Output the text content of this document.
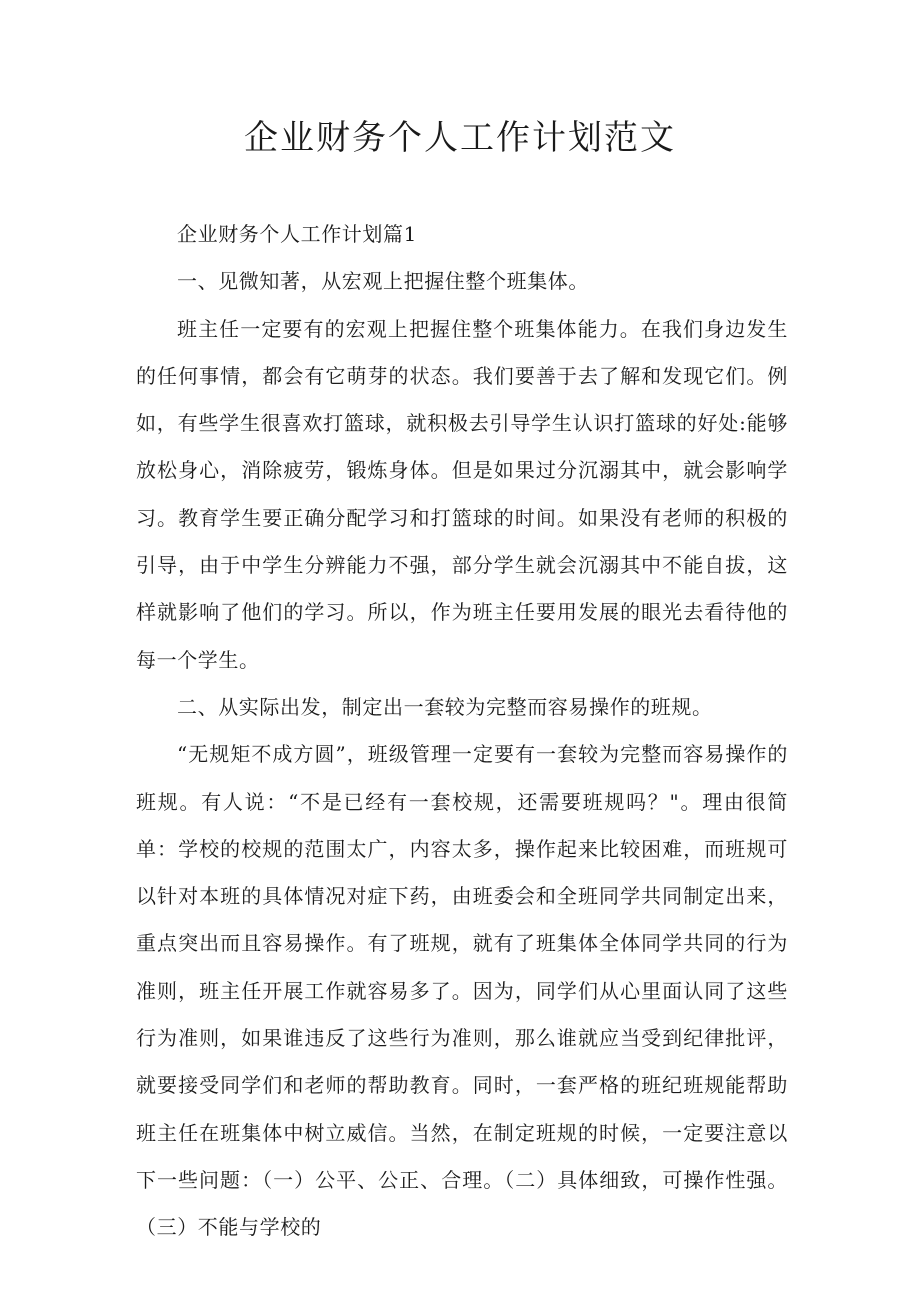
企业财务个人工作计划范文

企业财务个人工作计划篇1

一、见微知著，从宏观上把握住整个班集体。

班主任一定要有的宏观上把握住整个班集体能力。在我们身边发生的任何事情，都会有它萌芽的状态。我们要善于去了解和发现它们。例如，有些学生很喜欢打篮球，就积极去引导学生认识打篮球的好处:能够放松身心，消除疲劳，锻炼身体。但是如果过分沉溺其中，就会影响学习。教育学生要正确分配学习和打篮球的时间。如果没有老师的积极的引导，由于中学生分辨能力不强，部分学生就会沉溺其中不能自拔，这样就影响了他们的学习。所以，作为班主任要用发展的眼光去看待他的每一个学生。

二、从实际出发，制定出一套较为完整而容易操作的班规。

“无规矩不成方圆”，班级管理一定要有一套较为完整而容易操作的班规。有人说：“不是已经有一套校规，还需要班规吗？"。理由很简单：学校的校规的范围太广，内容太多，操作起来比较困难，而班规可以针对本班的具体情况对症下药，由班委会和全班同学共同制定出来，重点突出而且容易操作。有了班规，就有了班集体全体同学共同的行为准则，班主任开展工作就容易多了。因为，同学们从心里面认同了这些行为准则，如果谁违反了这些行为准则，那么谁就应当受到纪律批评，就要接受同学们和老师的帮助教育。同时，一套严格的班纪班规能帮助班主任在班集体中树立威信。当然，在制定班规的时候，一定要注意以下一些问题：（一）公平、公正、合理。（二）具体细致，可操作性强。（三）不能与学校的
